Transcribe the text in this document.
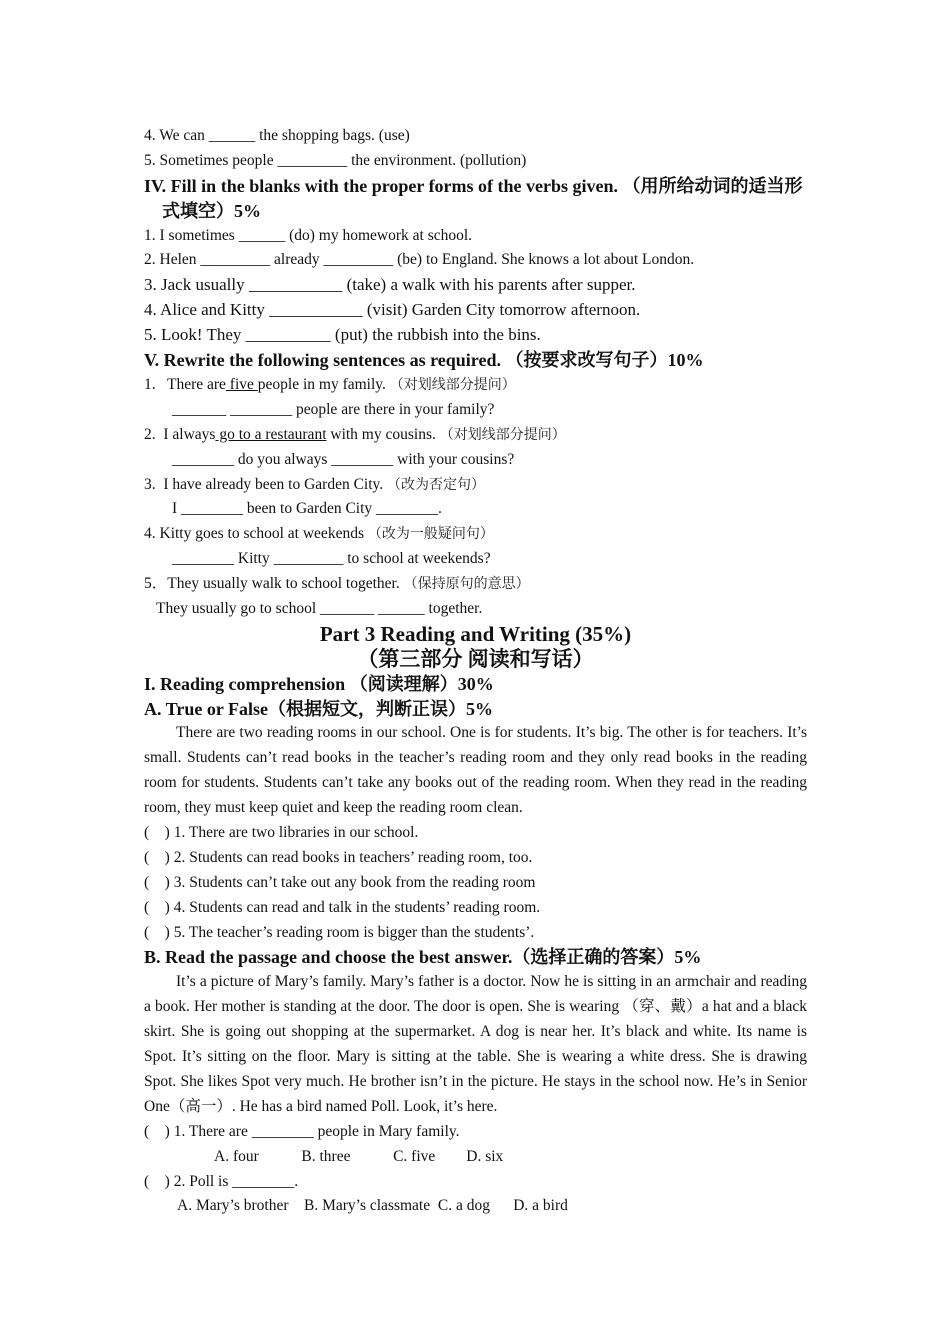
4. We can ______ the shopping bags. (use)
5. Sometimes people _________ the environment. (pollution)
IV. Fill in the blanks with the proper forms of the verbs given. （用所给动词的适当形式填空）5%
1. I sometimes ______ (do) my homework at school.
2. Helen _________ already _________ (be) to England. She knows a lot about London.
3. Jack usually ___________ (take) a walk with his parents after supper.
4. Alice and Kitty ___________ (visit) Garden City tomorrow afternoon.
5. Look! They __________ (put) the rubbish into the bins.
V. Rewrite the following sentences as required. （按要求改写句子）10%
1.   There are five people in my family. （对划线部分提问）
_______ ________ people are there in your family?
2.  I always go to a restaurant with my cousins. （对划线部分提问）
________ do you always ________ with your cousins?
3.  I have already been to Garden City. （改为否定句）
I ________ been to Garden City ________.
4. Kitty goes to school at weekends （改为一般疑问句）
________ Kitty _________ to school at weekends?
5．They usually walk to school together. （保持原句的意思）
They usually go to school _______ ______ together.
Part 3 Reading and Writing (35%)
（第三部分 阅读和写话）
I. Reading comprehension （阅读理解）30%
A. True or False（根据短文，判断正误）5%
There are two reading rooms in our school. One is for students. It’s big. The other is for teachers. It’s small. Students can’t read books in the teacher’s reading room and they only read books in the reading room for students. Students can’t take any books out of the reading room. When they read in the reading room, they must keep quiet and keep the reading room clean.
(    ) 1. There are two libraries in our school.
(    ) 2. Students can read books in teachers’ reading room, too.
(    ) 3. Students can’t take out any book from the reading room
(    ) 4. Students can read and talk in the students’ reading room.
(    ) 5. The teacher’s reading room is bigger than the students’.
B. Read the passage and choose the best answer.（选择正确的答案）5%
It’s a picture of Mary’s family. Mary’s father is a doctor. Now he is sitting in an armchair and reading a book. Her mother is standing at the door. The door is open. She is wearing （穿、戴）a hat and a black skirt. She is going out shopping at the supermarket. A dog is near her. It’s black and white. Its name is Spot. It’s sitting on the floor. Mary is sitting at the table. She is wearing a white dress. She is drawing Spot. She likes Spot very much. He brother isn’t in the picture. He stays in the school now. He’s in Senior One（高一）. He has a bird named Poll. Look, it’s here.
(    ) 1. There are ________ people in Mary family.
A. four           B. three           C. five        D. six
(    ) 2. Poll is ________.
A. Mary’s brother    B. Mary’s classmate  C. a dog      D. a bird
